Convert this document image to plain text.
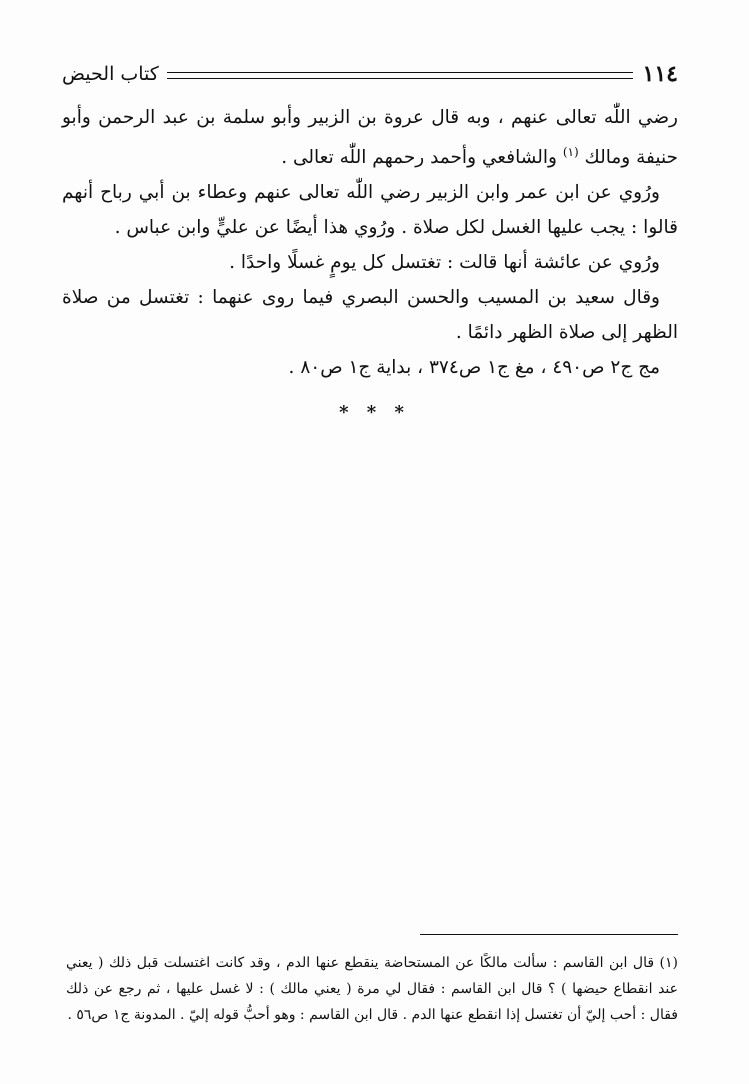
١١٤
كتاب الحيض

رضي اللّٰه تعالى عنهم ، وبه قال عروة بن الزبير وأبو سلمة بن عبد الرحمن وأبو حنيفة ومالك $^{(١)}$ والشافعي وأحمد رحمهم اللّٰه تعالى .

ورُوي عن ابن عمر وابن الزبير رضي اللّٰه تعالى عنهم وعطاء بن أبي رباح أنهم قالوا : يجب عليها الغسل لكل صلاة . ورُوي هذا أيضًا عن عليٍّ وابن عباس .

ورُوي عن عائشة أنها قالت : تغتسل كل يومٍ غسلًا واحدًا .

وقال سعيد بن المسيب والحسن البصري فيما روى عنهما : تغتسل من صلاة الظهر إلى صلاة الظهر دائمًا .

مج ج٢ ص٤٩٠ ، مغ ج١ ص٣٧٤ ، بداية ج١ ص٨٠ .

* * *
(١) قال ابن القاسم : سألت مالكًا عن المستحاضة ينقطع عنها الدم ، وقد كانت اغتسلت قبل ذلك ( يعني عند انقطاع حيضها ) ؟ قال ابن القاسم : فقال لي مرة ( يعني مالك ) : لا غسل عليها ، ثم رجع عن ذلك فقال : أحب إليّ أن تغتسل إذا انقطع عنها الدم . قال ابن القاسم : وهو أحبُّ قوله إليّ . المدونة ج١ ص٥٦ .
